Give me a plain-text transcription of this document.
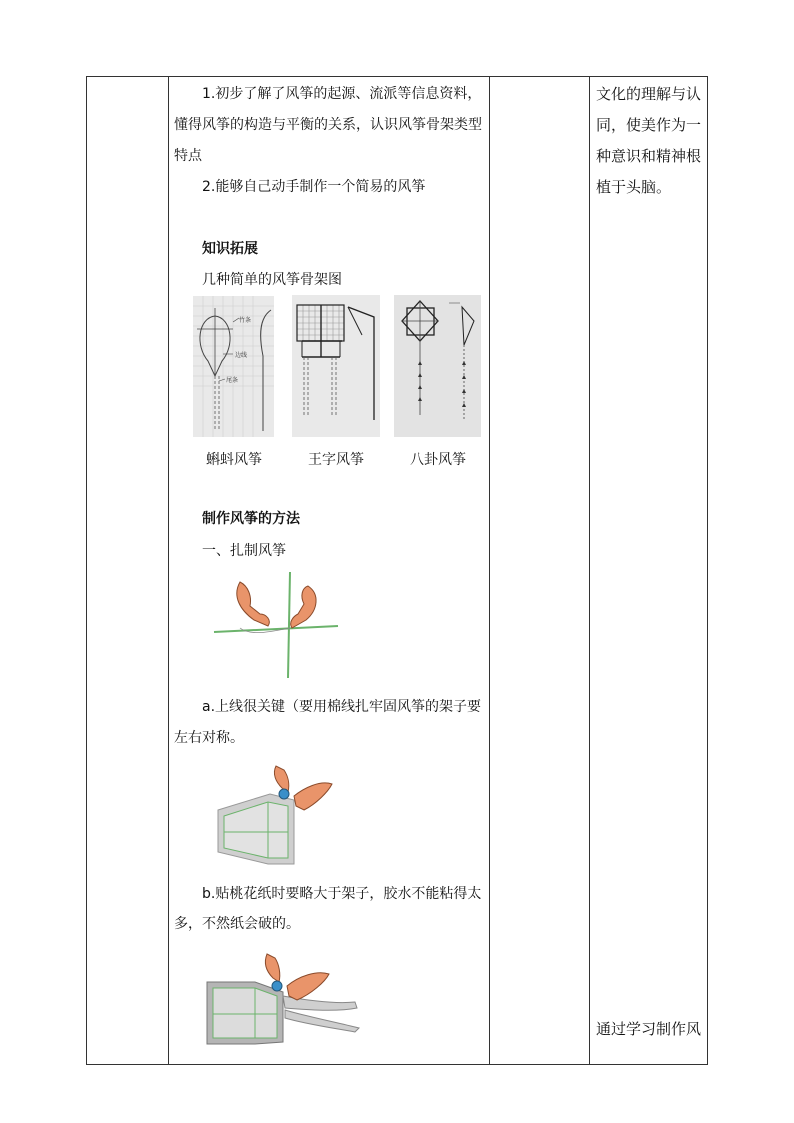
1.初步了解了风筝的起源、流派等信息资料，
懂得风筝的构造与平衡的关系，认识风筝骨架类型
特点
2.能够自己动手制作一个简易的风筝
知识拓展
几种简单的风筝骨架图
竹条
边线
尾条
蝌蚪风筝	王字风筝	八卦风筝
制作风筝的方法
一、扎制风筝
a.上线很关键（要用棉线扎牢固风筝的架子要
左右对称。
b.贴桃花纸时要略大于架子，胶水不能粘得太
多，不然纸会破的。
文化的理解与认
同，使美作为一
种意识和精神根
植于头脑。
通过学习制作风
